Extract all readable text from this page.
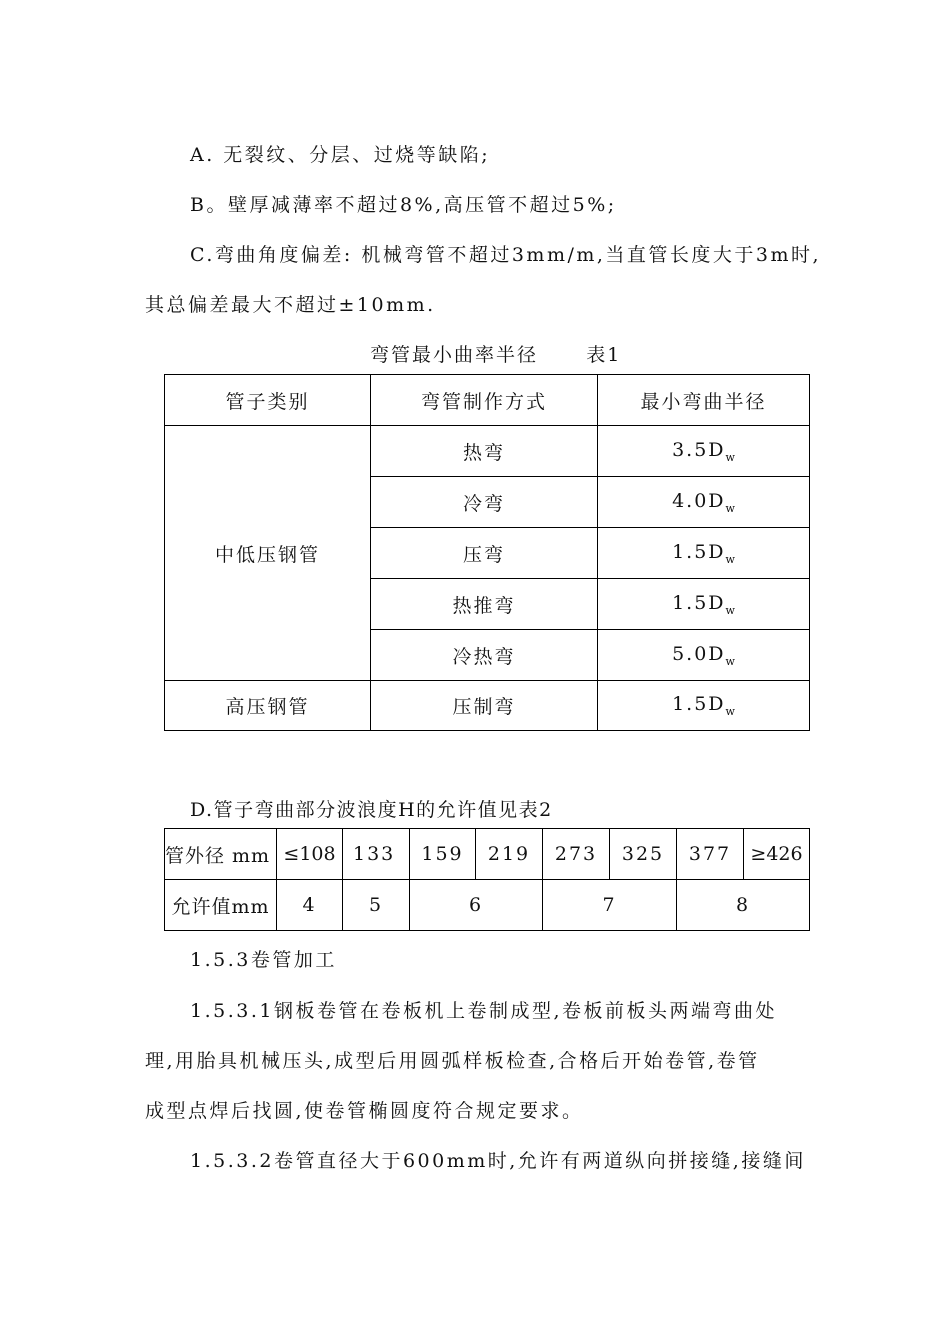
A. 无裂纹、分层、过烧等缺陷;
B。壁厚减薄率不超过8%,高压管不超过5%;
C.弯曲角度偏差: 机械弯管不超过3mm/m,当直管长度大于3m时,
其总偏差最大不超过±10mm.
弯管最小曲率半径      表1
管子类别	弯管制作方式	最小弯曲半径
中低压钢管	热弯	$3.5D_w$
	冷弯	$4.0D_w$
	压弯	$1.5D_w$
	热推弯	$1.5D_w$
	冷热弯	$5.0D_w$
高压钢管	压制弯	$1.5D_w$
D.管子弯曲部分波浪度H的允许值见表2
管外径 mm	≤108	133	159	219	273	325	377	≥426
允许值mm	4	5	6		7		8	
1.5.3卷管加工
1.5.3.1钢板卷管在卷板机上卷制成型,卷板前板头两端弯曲处
理,用胎具机械压头,成型后用圆弧样板检查,合格后开始卷管,卷管
成型点焊后找圆,使卷管椭圆度符合规定要求。
1.5.3.2卷管直径大于600mm时,允许有两道纵向拼接缝,接缝间
